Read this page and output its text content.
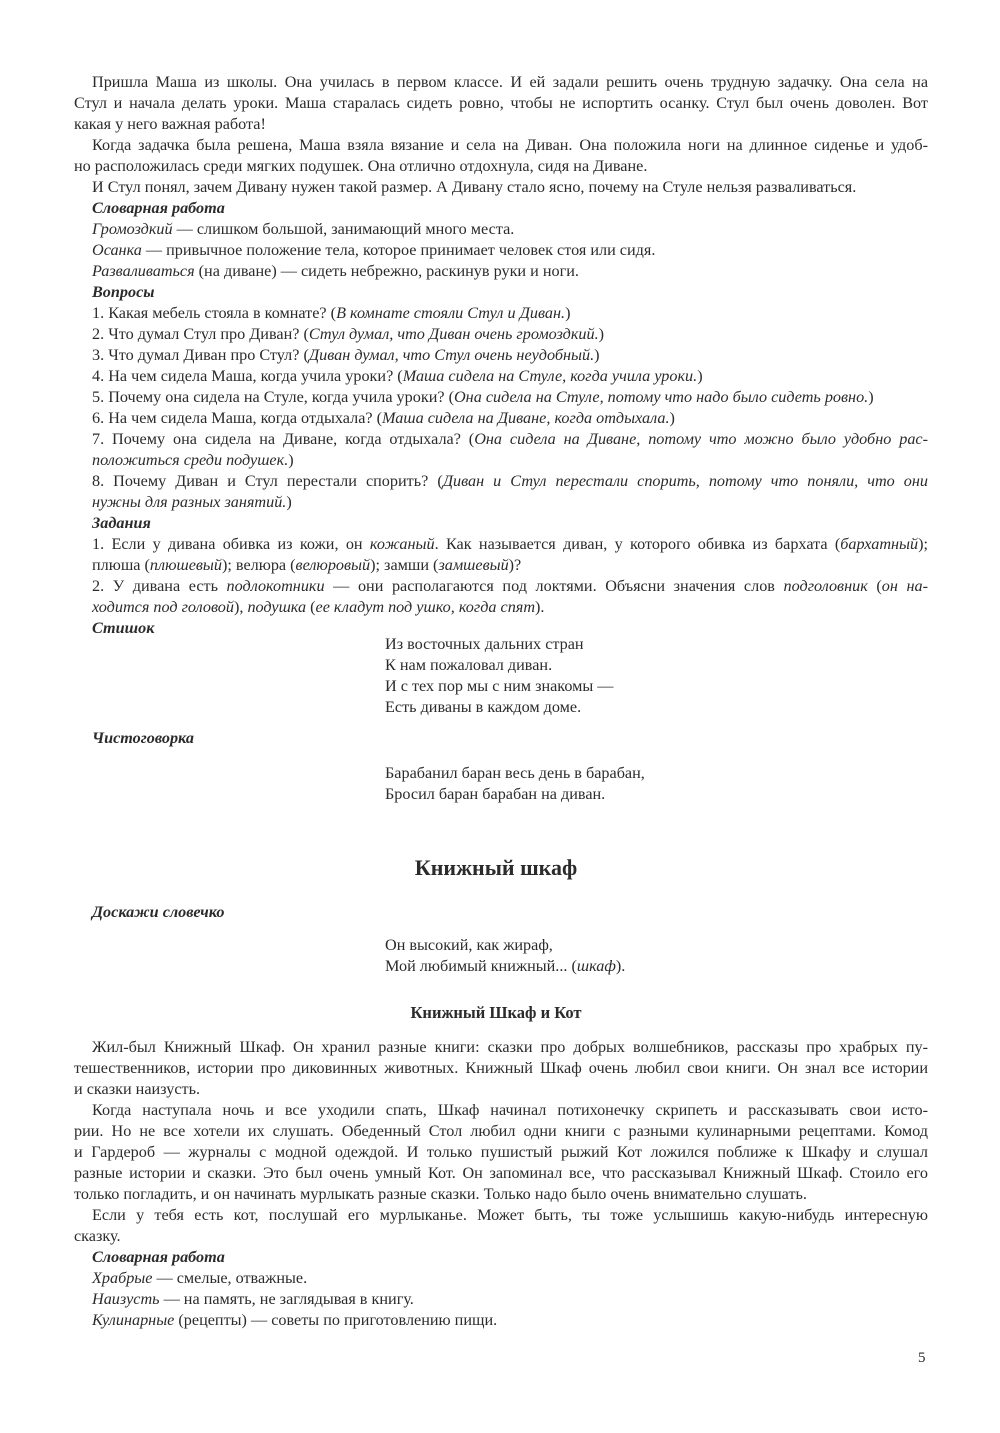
Пришла Маша из школы. Она училась в первом классе. И ей задали решить очень трудную задачку. Она села на

Стул и начала делать уроки. Маша старалась сидеть ровно, чтобы не испортить осанку. Стул был очень доволен. Вот

какая у него важная работа!

Когда задачка была решена, Маша взяла вязание и села на Диван. Она положила ноги на длинное сиденье и удоб-

но расположилась среди мягких подушек. Она отлично отдохнула, сидя на Диване.

И Стул понял, зачем Дивану нужен такой размер. А Дивану стало ясно, почему на Стуле нельзя разваливаться.

Словарная работа

Громоздкий — слишком большой, занимающий много места.

Осанка — привычное положение тела, которое принимает человек стоя или сидя.

Разваливаться (на диване) — сидеть небрежно, раскинув руки и ноги.

Вопросы

1. Какая мебель стояла в комнате? (В комнате стояли Стул и Диван.)

2. Что думал Стул про Диван? (Стул думал, что Диван очень громоздкий.)

3. Что думал Диван про Стул? (Диван думал, что Стул очень неудобный.)

4. На чем сидела Маша, когда учила уроки? (Маша сидела на Стуле, когда учила уроки.)

5. Почему она сидела на Стуле, когда учила уроки? (Она сидела на Стуле, потому что надо было сидеть ровно.)

6. На чем сидела Маша, когда отдыхала? (Маша сидела на Диване, когда отдыхала.)

7. Почему она сидела на Диване, когда отдыхала? (Она сидела на Диване, потому что можно было удобно рас-

положиться среди подушек.)

8. Почему Диван и Стул перестали спорить? (Диван и Стул перестали спорить, потому что поняли, что они

нужны для разных занятий.)

Задания

1. Если у дивана обивка из кожи, он кожаный. Как называется диван, у которого обивка из бархата (бархатный);

плюша (плюшевый); велюра (велюровый); замши (замшевый)?

2. У дивана есть подлокотники — они располагаются под локтями. Объясни значения слов подголовник (он на-

ходится под головой), подушка (ее кладут под ушко, когда спят).

Стишок

Из восточных дальних стран
К нам пожаловал диван.
И с тех пор мы с ним знакомы —
Есть диваны в каждом доме.

Чистоговорка

Барабанил баран весь день в барабан,
Бросил баран барабан на диван.
Книжный шкаф

Доскажи словечко

Он высокий, как жираф,
Мой любимый книжный... (шкаф).
Книжный Шкаф и Кот

Жил-был Книжный Шкаф. Он хранил разные книги: сказки про добрых волшебников, рассказы про храбрых пу-

тешественников, истории про диковинных животных. Книжный Шкаф очень любил свои книги. Он знал все истории

и сказки наизусть.

Когда наступала ночь и все уходили спать, Шкаф начинал потихонечку скрипеть и рассказывать свои исто-

рии. Но не все хотели их слушать. Обеденный Стол любил одни книги с разными кулинарными рецептами. Комод

и Гардероб — журналы с модной одеждой. И только пушистый рыжий Кот ложился поближе к Шкафу и слушал

разные истории и сказки. Это был очень умный Кот. Он запоминал все, что рассказывал Книжный Шкаф. Стоило его

только погладить, и он начинать мурлыкать разные сказки. Только надо было очень внимательно слушать.

Если у тебя есть кот, послушай его мурлыканье. Может быть, ты тоже услышишь какую-нибудь интересную

сказку.

Словарная работа

Храбрые — смелые, отважные.

Наизусть — на память, не заглядывая в книгу.

Кулинарные (рецепты) — советы по приготовлению пищи.

5
